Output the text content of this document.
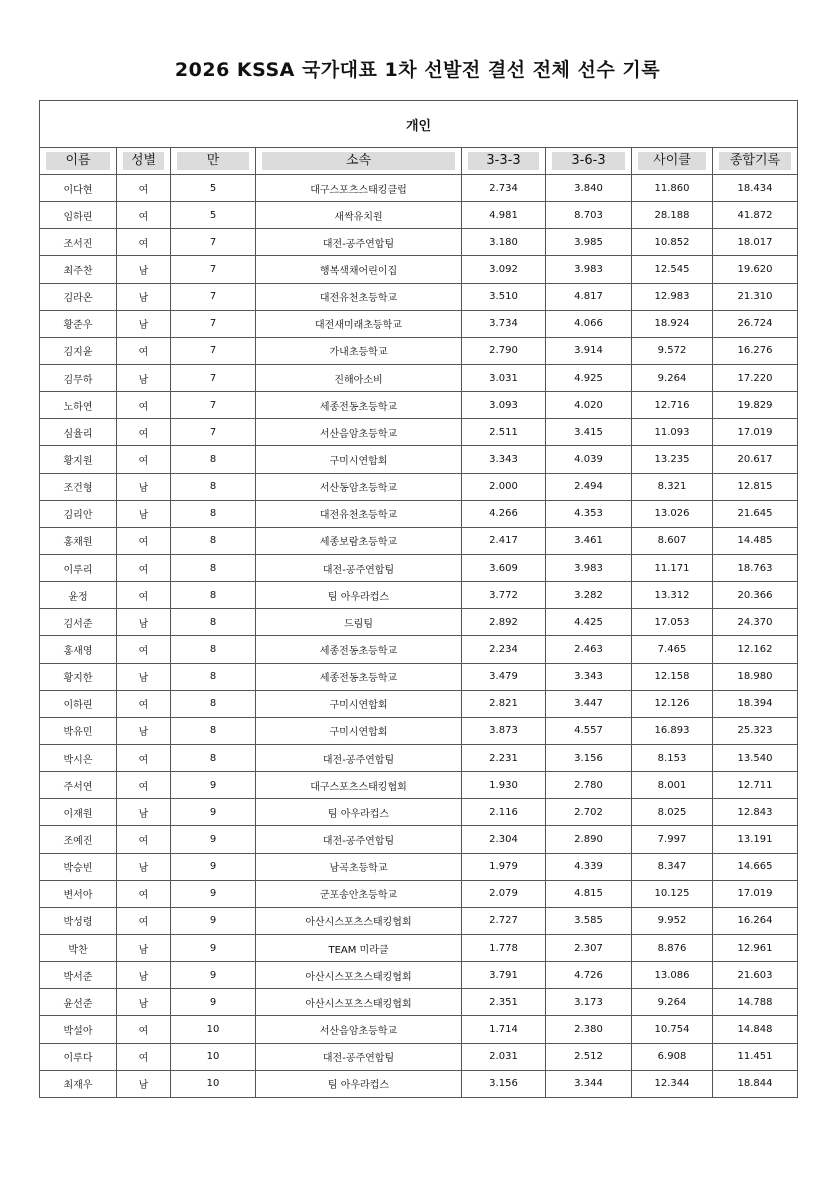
2026 KSSA 국가대표 1차 선발전 결선 전체 선수 기록
개인							

이름	성별	만	소속	3-3-3	3-6-3	사이클	종합기록

이다현	여	5	대구스포츠스태킹클럽	2.734	3.840	11.860	18.434
임하린	여	5	새싹유치원	4.981	8.703	28.188	41.872
조서진	여	7	대전-공주연합팀	3.180	3.985	10.852	18.017
최주찬	남	7	행복색채어린이집	3.092	3.983	12.545	19.620
김라온	남	7	대전유천초등학교	3.510	4.817	12.983	21.310
황준우	남	7	대전새미래초등학교	3.734	4.066	18.924	26.724
김지윤	여	7	가내초등학교	2.790	3.914	9.572	16.276
김무하	남	7	진해아소비	3.031	4.925	9.264	17.220
노하연	여	7	세종전동초등학교	3.093	4.020	12.716	19.829
심율리	여	7	서산음암초등학교	2.511	3.415	11.093	17.019
황지원	여	8	구미시연합회	3.343	4.039	13.235	20.617
조건형	남	8	서산동암초등학교	2.000	2.494	8.321	12.815
김리안	남	8	대전유천초등학교	4.266	4.353	13.026	21.645
홍채원	여	8	세종보람초등학교	2.417	3.461	8.607	14.485
이루리	여	8	대전-공주연합팀	3.609	3.983	11.171	18.763
윤정	여	8	팀 아우라컵스	3.772	3.282	13.312	20.366
김서준	남	8	드림팀	2.892	4.425	17.053	24.370
홍새영	여	8	세종전동초등학교	2.234	2.463	7.465	12.162
황지한	남	8	세종전동초등학교	3.479	3.343	12.158	18.980
이하린	여	8	구미시연합회	2.821	3.447	12.126	18.394
박유민	남	8	구미시연합회	3.873	4.557	16.893	25.323
박시은	여	8	대전-공주연합팀	2.231	3.156	8.153	13.540
주서연	여	9	대구스포츠스태킹협회	1.930	2.780	8.001	12.711
이재원	남	9	팀 아우라컵스	2.116	2.702	8.025	12.843
조예진	여	9	대전-공주연합팀	2.304	2.890	7.997	13.191
박승빈	남	9	남곡초등학교	1.979	4.339	8.347	14.665
변서아	여	9	군포송안초등학교	2.079	4.815	10.125	17.019
박성령	여	9	아산시스포츠스태킹협회	2.727	3.585	9.952	16.264
박찬	남	9	TEAM 미라클	1.778	2.307	8.876	12.961
박서준	남	9	아산시스포츠스태킹협회	3.791	4.726	13.086	21.603
윤선준	남	9	아산시스포츠스태킹협회	2.351	3.173	9.264	14.788
박설아	여	10	서산음암초등학교	1.714	2.380	10.754	14.848
이루다	여	10	대전-공주연합팀	2.031	2.512	6.908	11.451
최재우	남	10	팀 아우라컵스	3.156	3.344	12.344	18.844
